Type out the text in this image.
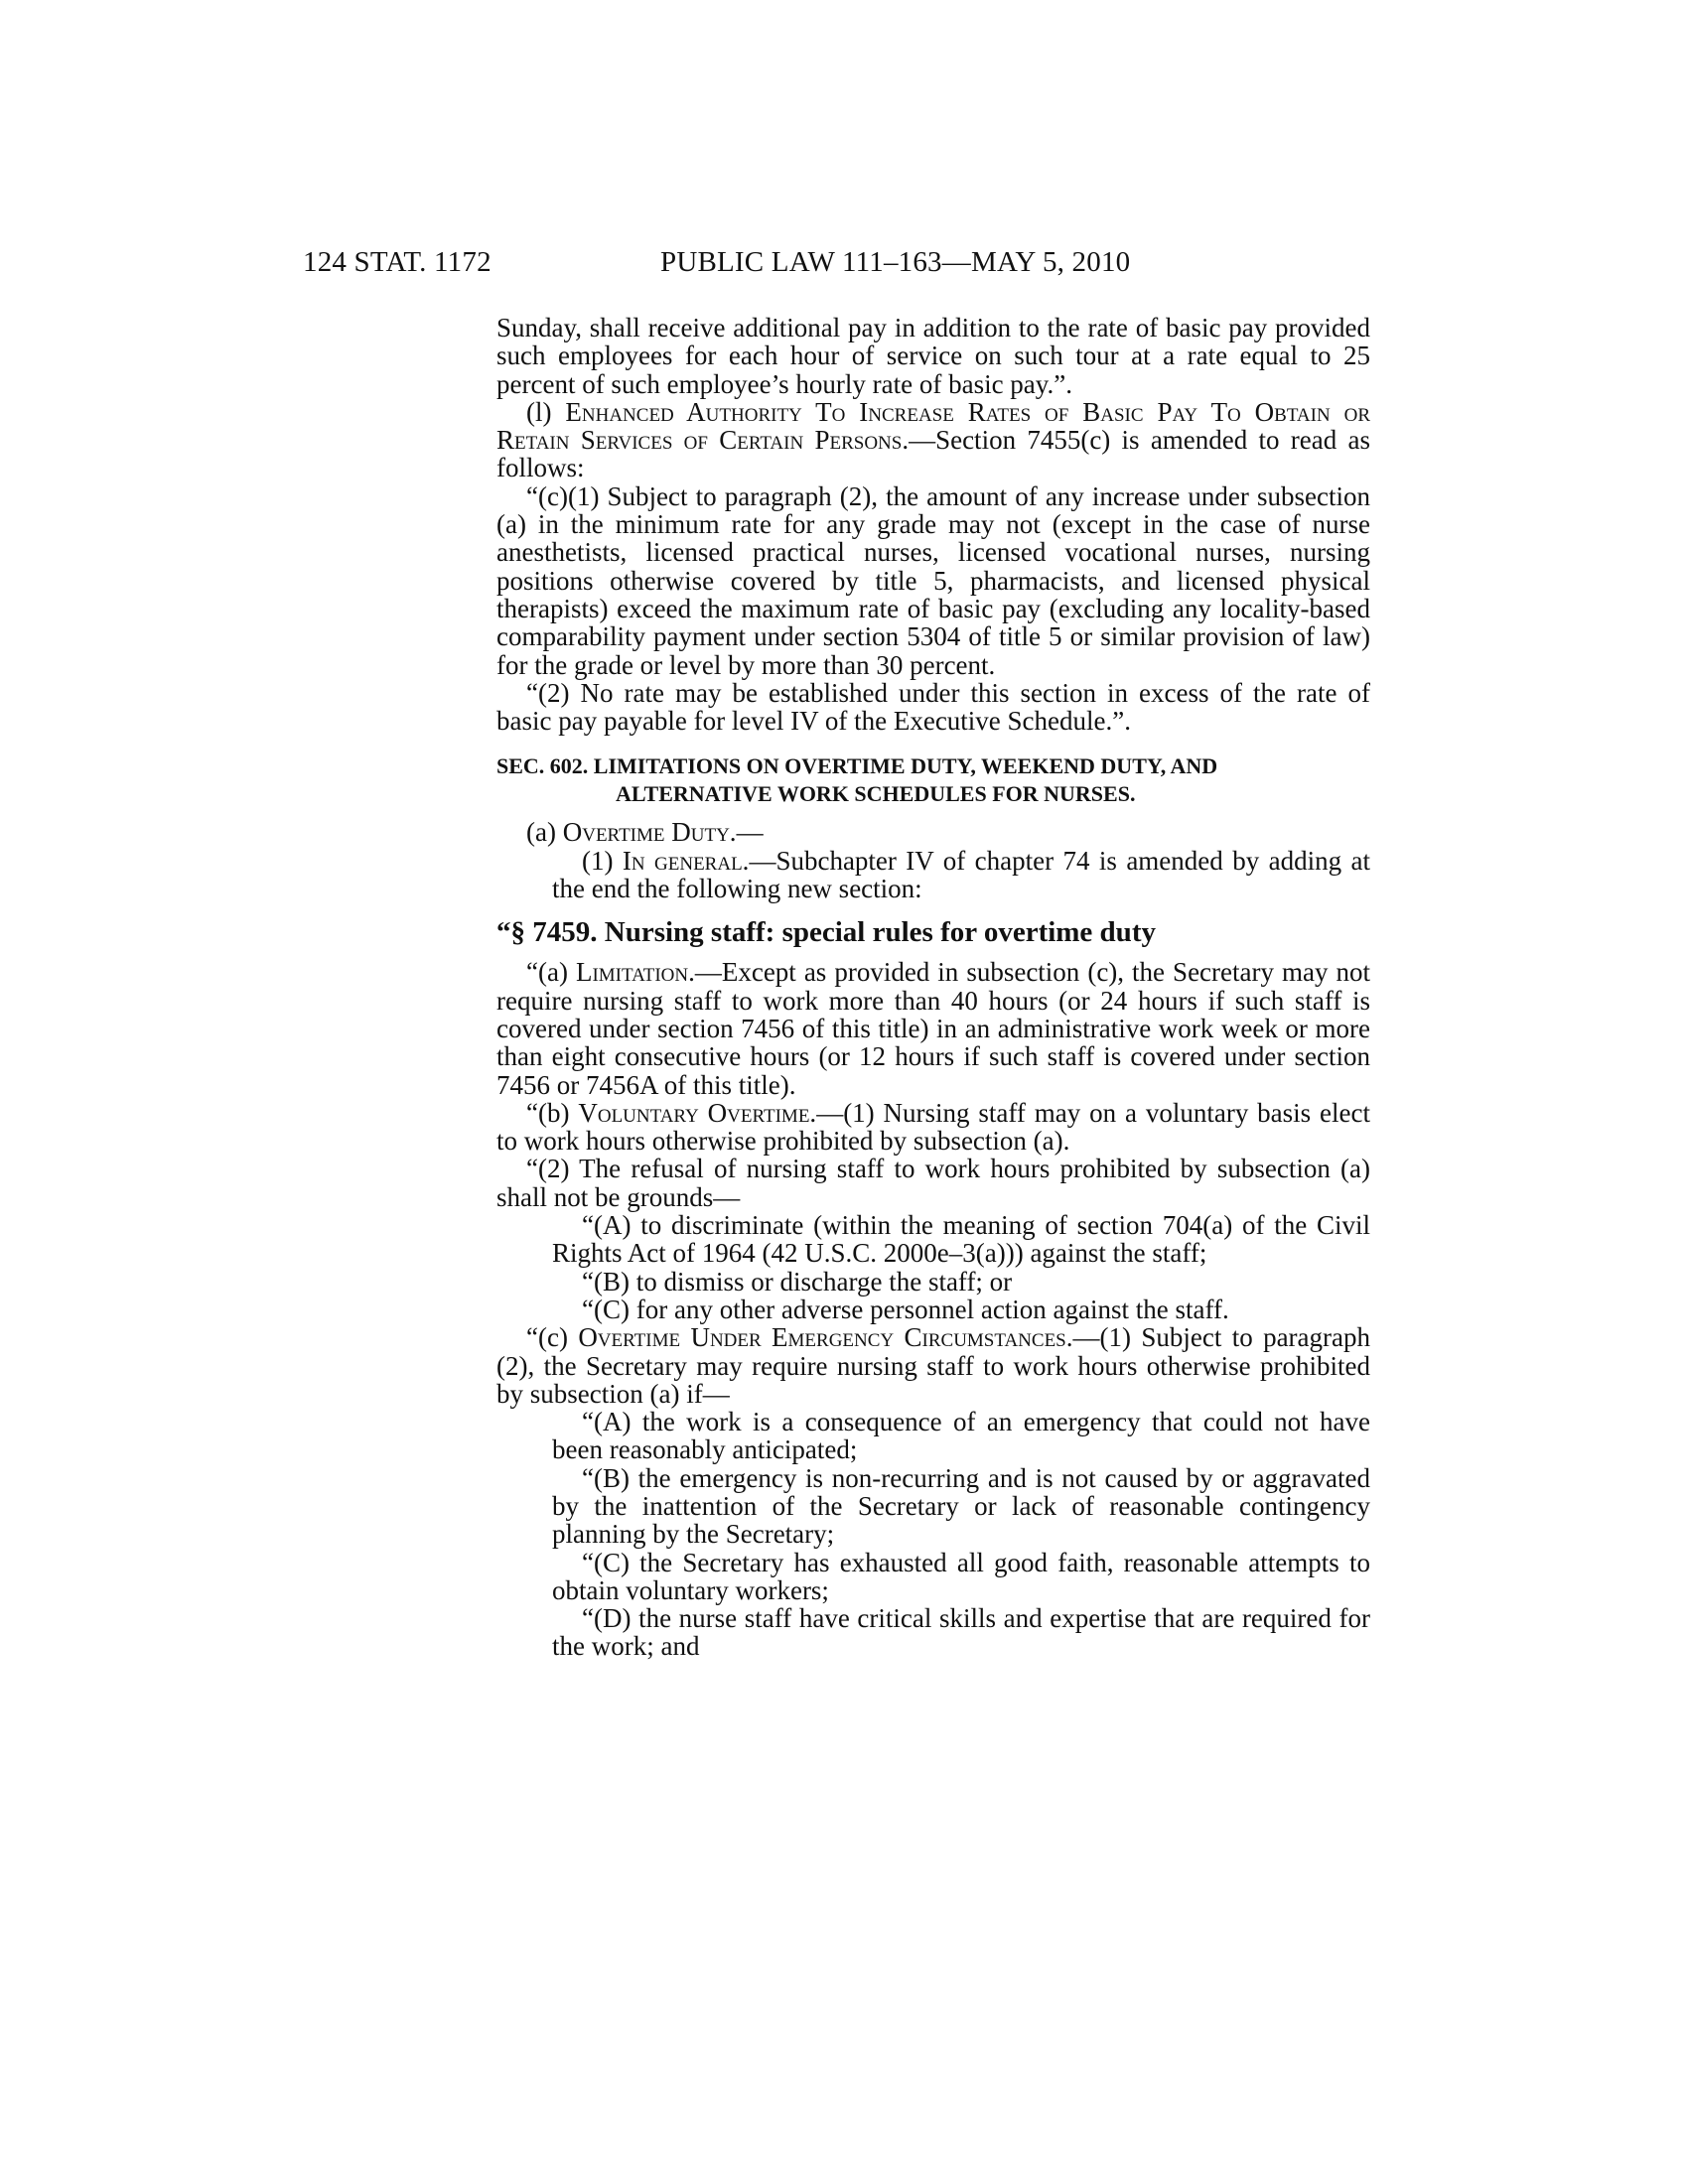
124 STAT. 1172	PUBLIC LAW 111–163—MAY 5, 2010

Sunday, shall receive additional pay in addition to the rate of basic pay provided such employees for each hour of service on such tour at a rate equal to 25 percent of such employee’s hourly rate of basic pay.”.

(l) Enhanced Authority To Increase Rates of Basic Pay To Obtain or Retain Services of Certain Persons.—Section 7455(c) is amended to read as follows:

“(c)(1) Subject to paragraph (2), the amount of any increase under subsection (a) in the minimum rate for any grade may not (except in the case of nurse anesthetists, licensed practical nurses, licensed vocational nurses, nursing positions otherwise covered by title 5, pharmacists, and licensed physical therapists) exceed the maximum rate of basic pay (excluding any locality-based comparability payment under section 5304 of title 5 or similar provision of law) for the grade or level by more than 30 percent.

“(2) No rate may be established under this section in excess of the rate of basic pay payable for level IV of the Executive Schedule.”.

SEC. 602. LIMITATIONS ON OVERTIME DUTY, WEEKEND DUTY, AND
ALTERNATIVE WORK SCHEDULES FOR NURSES.

(a) Overtime Duty.—

(1) In general.—Subchapter IV of chapter 74 is amended by adding at the end the following new section:

“§ 7459. Nursing staff: special rules for overtime duty

“(a) Limitation.—Except as provided in subsection (c), the Secretary may not require nursing staff to work more than 40 hours (or 24 hours if such staff is covered under section 7456 of this title) in an administrative work week or more than eight consecutive hours (or 12 hours if such staff is covered under section 7456 or 7456A of this title).

“(b) Voluntary Overtime.—(1) Nursing staff may on a voluntary basis elect to work hours otherwise prohibited by subsection (a).

“(2) The refusal of nursing staff to work hours prohibited by subsection (a) shall not be grounds—

“(A) to discriminate (within the meaning of section 704(a) of the Civil Rights Act of 1964 (42 U.S.C. 2000e–3(a))) against the staff;

“(B) to dismiss or discharge the staff; or

“(C) for any other adverse personnel action against the staff.

“(c) Overtime Under Emergency Circumstances.—(1) Subject to paragraph (2), the Secretary may require nursing staff to work hours otherwise prohibited by subsection (a) if—

“(A) the work is a consequence of an emergency that could not have been reasonably anticipated;

“(B) the emergency is non-recurring and is not caused by or aggravated by the inattention of the Secretary or lack of reasonable contingency planning by the Secretary;

“(C) the Secretary has exhausted all good faith, reasonable attempts to obtain voluntary workers;

“(D) the nurse staff have critical skills and expertise that are required for the work; and
